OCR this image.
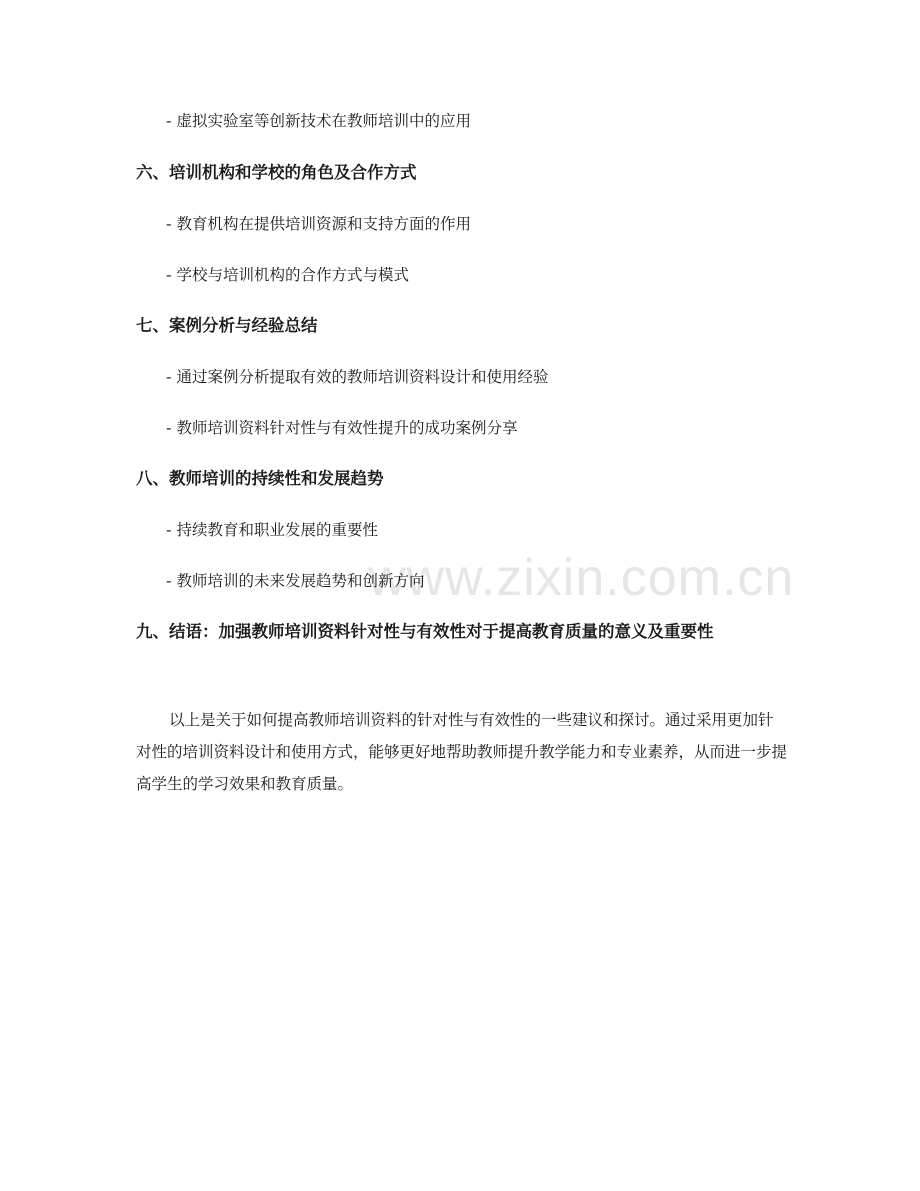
www.zixin.com.cn
- 虚拟实验室等创新技术在教师培训中的应用
六、培训机构和学校的角色及合作方式
- 教育机构在提供培训资源和支持方面的作用
- 学校与培训机构的合作方式与模式
七、案例分析与经验总结
- 通过案例分析提取有效的教师培训资料设计和使用经验
- 教师培训资料针对性与有效性提升的成功案例分享
八、教师培训的持续性和发展趋势
- 持续教育和职业发展的重要性
- 教师培训的未来发展趋势和创新方向
九、结语：加强教师培训资料针对性与有效性对于提高教育质量的意义及重要性
以上是关于如何提高教师培训资料的针对性与有效性的一些建议和探讨。通过采用更加针对性的培训资料设计和使用方式，能够更好地帮助教师提升教学能力和专业素养，从而进一步提高学生的学习效果和教育质量。
